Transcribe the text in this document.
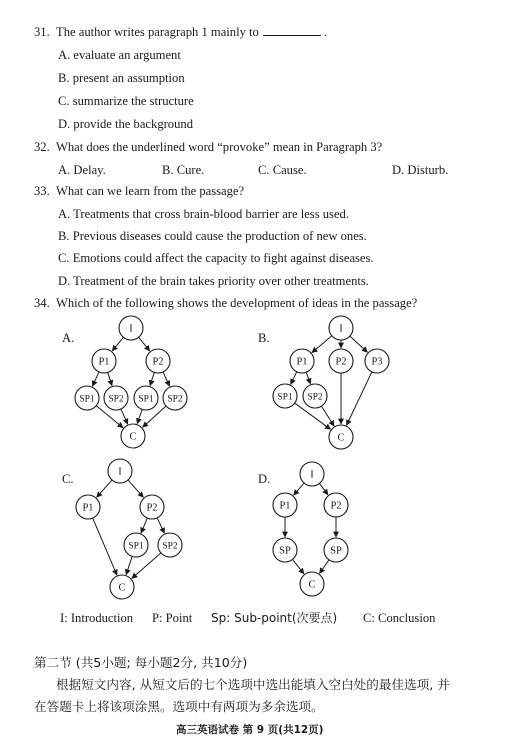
31. The author writes paragraph 1 mainly to	.
A. evaluate an argument
B. present an assumption
C. summarize the structure
D. provide the background
32. What does the underlined word “provoke” mean in Paragraph 3?
A. Delay.	B. Cure.	C. Cause.	D. Disturb.
33. What can we learn from the passage?
A. Treatments that cross brain-blood barrier are less used.
B. Previous diseases could cause the production of new ones.
C. Emotions could affect the capacity to fight against diseases.
D. Treatment of the brain takes priority over other treatments.
34. Which of the following shows the development of ideas in the passage?
A.	B.
C.	D.
I
P1	P2
SP1 SP2 SP1 SP2
C
I
P1	P2 P3
SP1 SP2
C
I
P1	P2
SP1 SP2
C
I
P1	P2
SP	SP
C
I: Introduction P: Point Sp: Sub-point(次要点) C: Conclusion
第二节 (共5小题; 每小题2分, 共10分)
根据短文内容, 从短文后的七个选项中选出能填入空白处的最佳选项, 并
在答题卡上将该项涂黑。选项中有两项为多余选项。
高三英语试卷 第 9 页(共12页)
